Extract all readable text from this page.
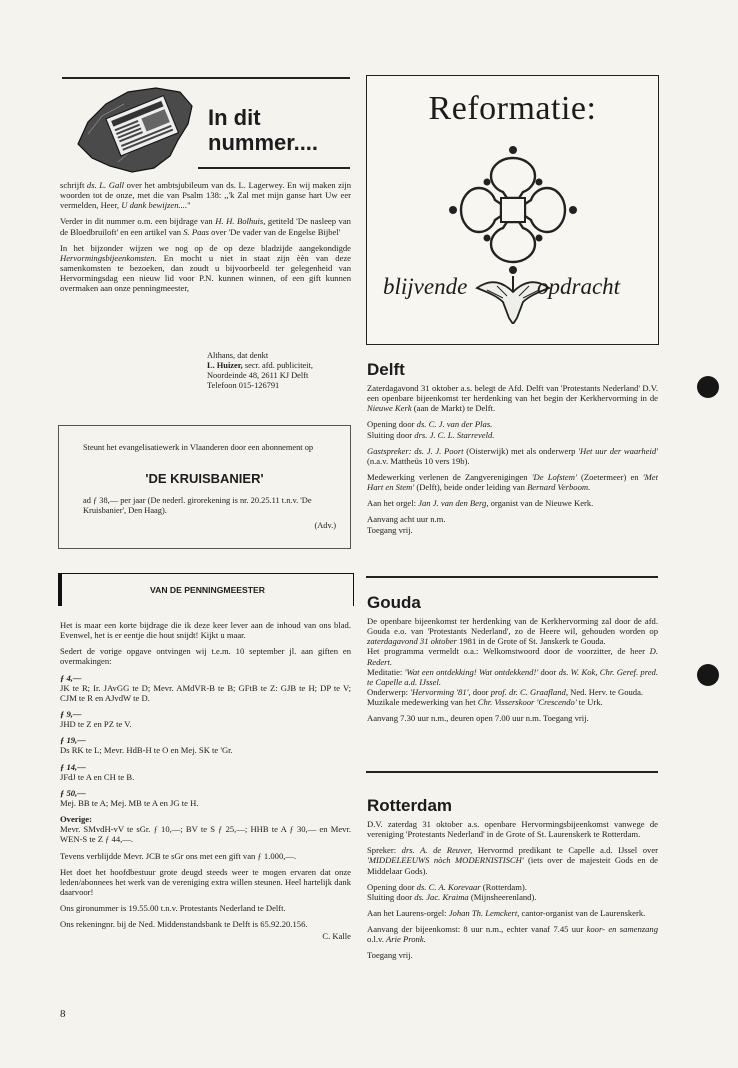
In dit
nummer....

schrijft ds. L. Gall over het ambtsjubileum van ds. L. Lagerwey. En wij maken zijn woorden tot de onze, met die van Psalm 138: ,,'k Zal met mijn ganse hart Uw eer vermelden, Heer, U dank bewijzen...."

Verder in dit nummer o.m. een bijdrage van H. H. Bolhuis, getiteld 'De nasleep van de Bloedbruiloft' en een artikel van S. Paas over 'De vader van de Engelse Bijbel'

In het bijzonder wijzen we nog op de op deze bladzijde aangekondigde Hervormingsbijeenkomsten. En mocht u niet in staat zijn èèn van deze samenkomsten te bezoeken, dan zoudt u bijvoorbeeld ter gelegenheid van Hervormingsdag een nieuw lid voor P.N. kunnen winnen, of een gift kunnen overmaken aan onze penningmeester,

Althans, dat denkt
L. Huizer, secr. afd. publiciteit,
Noordeinde 48, 2611 KJ Delft
Telefoon 015-126791
Steunt het evangelisatiewerk in Vlaanderen door een abonnement op
'DE KRUISBANIER'
ad ƒ 38,— per jaar (De nederl. girorekening is nr. 20.25.11 t.n.v. 'De Kruisbanier', Den Haag).
(Adv.)
VAN DE PENNINGMEESTER

Het is maar een korte bijdrage die ik deze keer lever aan de inhoud van ons blad. Evenwel, het is er eentje die hout snijdt! Kijkt u maar.

Sedert de vorige opgave ontvingen wij t.e.m. 10 september jl. aan giften en overmakingen:

ƒ 4,—
JK te R; Ir. JAvGG te D; Mevr. AMdVR-B te B; GFtB te Z: GJB te H; DP te V; CJM te R en AJvdW te D.

ƒ 9,—
JHD te Z en PZ te V.

ƒ 19,—
Ds RK te L; Mevr. HdB-H te O en Mej. SK te 'Gr.

ƒ 14,—
JFdJ te A en CH te B.

ƒ 50,—
Mej. BB te A; Mej. MB te A en JG te H.

Overige:
Mevr. SMvdH-vV te sGr. ƒ 10,—; BV te S ƒ 25,—; HHB te A ƒ 30,— en Mevr. WEN-S te Z ƒ 44,—.

Tevens verblijdde Mevr. JCB te sGr ons met een gift van ƒ 1.000,—.

Het doet het hoofdbestuur grote deugd steeds weer te mogen ervaren dat onze leden/abonnees het werk van de vereniging extra willen steunen. Heel hartelijk dank daarvoor!

Ons gironummer is 19.55.00 t.n.v. Protestants Nederland te Delft.

Ons rekeningnr. bij de Ned. Middenstandsbank te Delft is 65.92.20.156.

C. Kalle
8
Reformatie:
blijvende	opdracht
Delft

Zaterdagavond 31 oktober a.s. belegt de Afd. Delft van 'Protestants Nederland' D.V. een openbare bijeenkomst ter herdenking van het begin der Kerkhervorming in de Nieuwe Kerk (aan de Markt) te Delft.

Opening door ds. C. J. van der Plas.
Sluiting door drs. J. C. L. Starreveld.

Gastspreker: ds. J. J. Poort (Oisterwijk) met als onderwerp 'Het uur der waarheid' (n.a.v. Mattheüs 10 vers 19b).

Medewerking verlenen de Zangverenigingen 'De Lofstem' (Zoetermeer) en 'Met Hart en Stem' (Delft), beide onder leiding van Bernard Verboom.

Aan het orgel: Jan J. van den Berg, organist van de Nieuwe Kerk.

Aanvang acht uur n.m.
Toegang vrij.

Gouda

De openbare bijeenkomst ter herdenking van de Kerkhervorming zal door de afd. Gouda e.o. van 'Protestants Nederland', zo de Heere wil, gehouden worden op zaterdagavond 31 oktober 1981 in de Grote of St. Janskerk te Gouda.

Het programma vermeldt o.a.: Welkomstwoord door de voorzitter, de heer D. Redert.

Meditatie: 'Wat een ontdekking! Wat ontdekkend!' door ds. W. Kok, Chr. Geref. pred. te Capelle a.d. IJssel.

Onderwerp: 'Hervorming '81', door prof. dr. C. Graafland, Ned. Herv. te Gouda.

Muzikale medewerking van het Chr. Visserskoor 'Crescendo' te Urk.

Aanvang 7.30 uur n.m., deuren open 7.00 uur n.m. Toegang vrij.

Rotterdam

D.V. zaterdag 31 oktober a.s. openbare Hervormingsbijeenkomst vanwege de vereniging 'Protestants Nederland' in de Grote of St. Laurenskerk te Rotterdam.

Spreker: drs. A. de Reuver, Hervormd predikant te Capelle a.d. IJssel over 'MIDDELEEUWS nòch MODERNISTISCH' (iets over de majesteit Gods en de Middelaar Gods).

Opening door ds. C. A. Korevaar (Rotterdam).
Sluiting door ds. Jac. Kraima (Mijnsheerenland).

Aan het Laurens-orgel: Johan Th. Lemckert, cantor-organist van de Laurenskerk.

Aanvang der bijeenkomst: 8 uur n.m., echter vanaf 7.45 uur koor- en samenzang o.l.v. Arie Pronk.

Toegang vrij.
